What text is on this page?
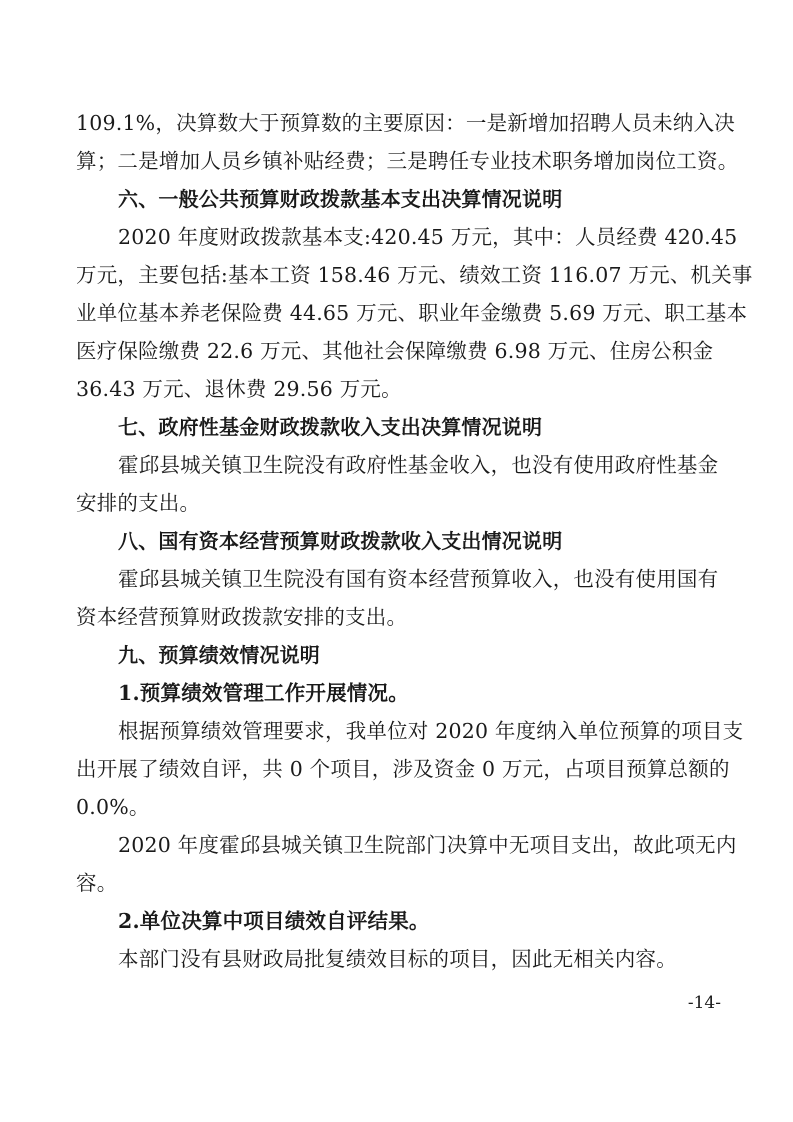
109.1%，决算数大于预算数的主要原因：一是新增加招聘人员未纳入决

算；二是增加人员乡镇补贴经费；三是聘任专业技术职务增加岗位工资。

六、一般公共预算财政拨款基本支出决算情况说明

2020 年度财政拨款基本支:420.45 万元，其中：人员经费 420.45

万元，主要包括:基本工资 158.46 万元、绩效工资 116.07 万元、机关事

业单位基本养老保险费 44.65 万元、职业年金缴费 5.69 万元、职工基本

医疗保险缴费 22.6 万元、其他社会保障缴费 6.98 万元、住房公积金

36.43 万元、退休费 29.56 万元。

七、政府性基金财政拨款收入支出决算情况说明

霍邱县城关镇卫生院没有政府性基金收入，也没有使用政府性基金

安排的支出。

八、国有资本经营预算财政拨款收入支出情况说明

霍邱县城关镇卫生院没有国有资本经营预算收入，也没有使用国有

资本经营预算财政拨款安排的支出。

九、预算绩效情况说明

1.预算绩效管理工作开展情况。

根据预算绩效管理要求，我单位对 2020 年度纳入单位预算的项目支

出开展了绩效自评，共 0 个项目，涉及资金 0 万元，占项目预算总额的

0.0%。

2020 年度霍邱县城关镇卫生院部门决算中无项目支出，故此项无内

容。

2.单位决算中项目绩效自评结果。

本部门没有县财政局批复绩效目标的项目，因此无相关内容。

-14-
